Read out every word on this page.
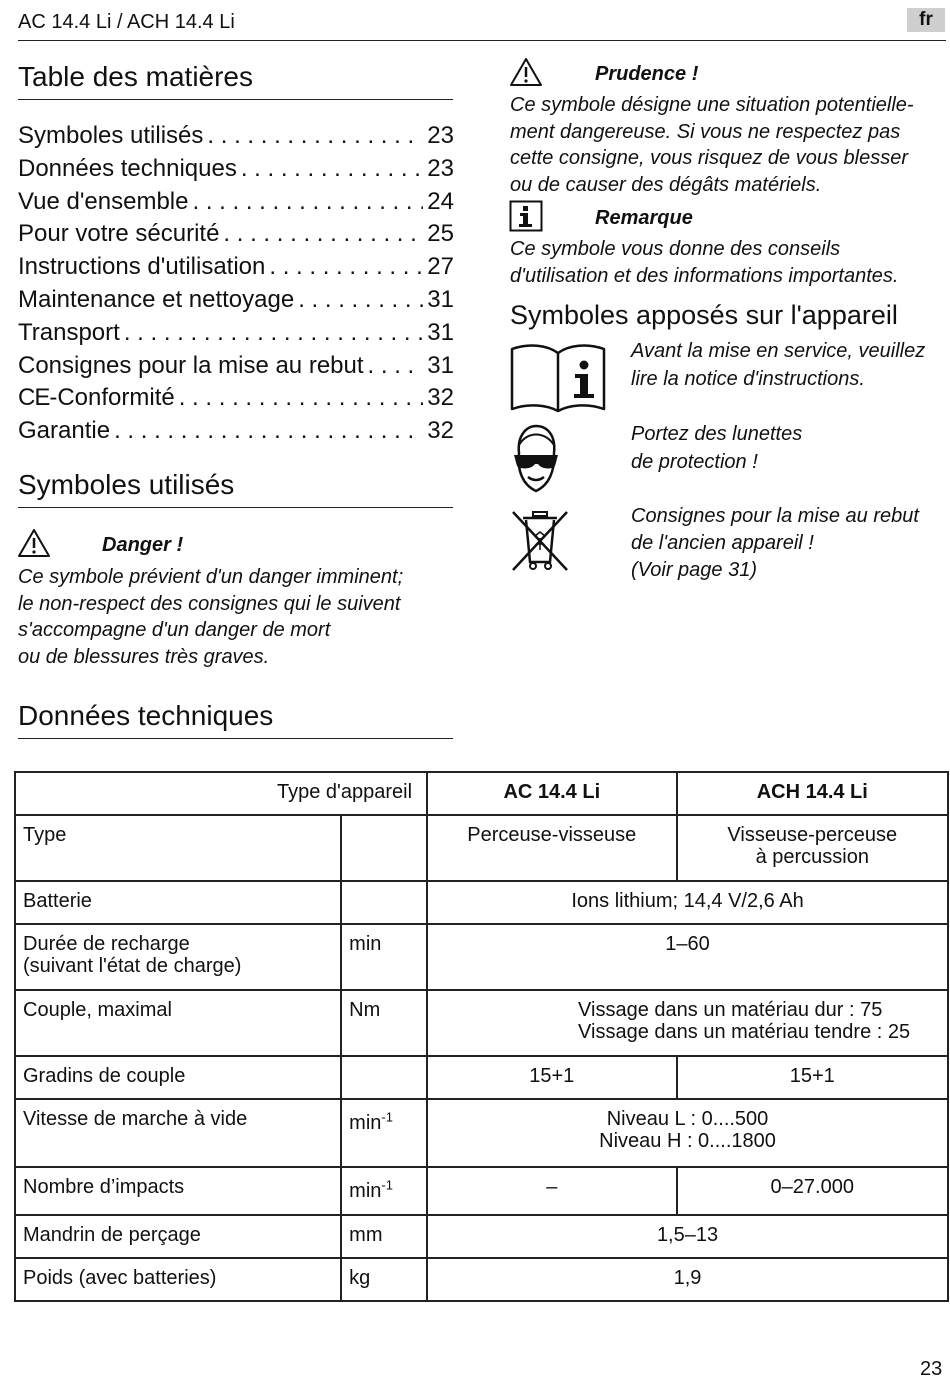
AC 14.4 Li / ACH 14.4 Li	fr
Table des matières
Symboles utilisés . . .	23
Données techniques . . .	23
Vue d'ensemble . . .	24
Pour votre sécurité . . .	25
Instructions d'utilisation . . .	27
Maintenance et nettoyage . . .	31
Transport . . .	31
Consignes pour la mise au rebut . . .	31
CE-Conformité . . .	32
Garantie . . .	32
Symboles utilisés
Danger !
Ce symbole prévient d'un danger imminent;
le non-respect des consignes qui le suivent
s'accompagne d'un danger de mort
ou de blessures très graves.
Prudence !
Ce symbole désigne une situation potentielle-
ment dangereuse. Si vous ne respectez pas
cette consigne, vous risquez de vous blesser
ou de causer des dégâts matériels.
Remarque
Ce symbole vous donne des conseils
d'utilisation et des informations importantes.
Symboles apposés sur l'appareil
Avant la mise en service, veuillez
lire la notice d'instructions.
Portez des lunettes
de protection !
Consignes pour la mise au rebut
de l'ancien appareil !
(Voir page 31)
Données techniques
Type d'appareil		AC 14.4 Li	ACH 14.4 Li
Type		Perceuse-visseuse	Visseuse-perceuse
à percussion

Batterie		Ions lithium; 14,4 V/2,6 Ah	

Durée de recharge
(suivant l'état de charge)	min	1–60	
Couple, maximal	Nm	Vissage dans un matériau dur : 75
Vissage dans un matériau tendre : 25	

Gradins de couple		15+1	15+1
Vitesse de marche à vide	$\min^{-1}$	Niveau L : 0....500
Niveau H : 0....1800	

Nombre d’impacts	$\min^{-1}$	–	0–27.000
Mandrin de perçage	mm	1,5–13	
Poids (avec batteries)	kg	1,9	
23
